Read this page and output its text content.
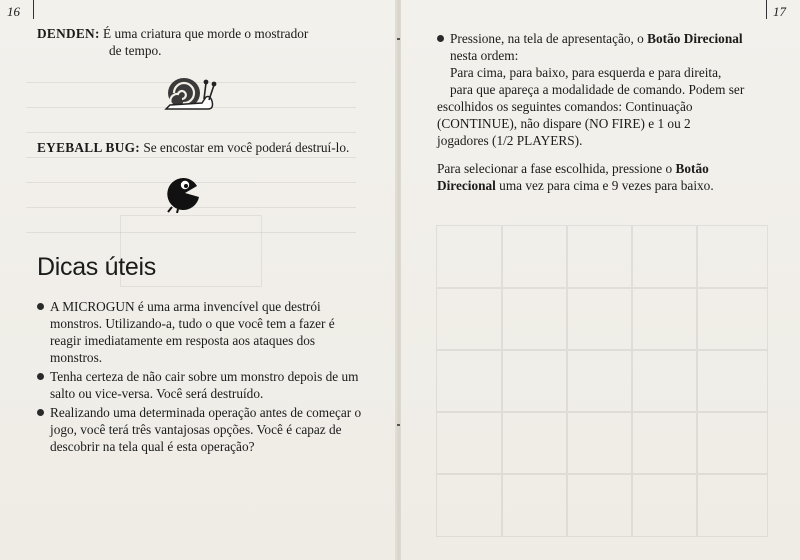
16
DENDEN: É uma criatura que morde o mostrador
de tempo.
EYEBALL BUG: Se encostar em você poderá destruí-lo.
Dicas úteis
A MICROGUN é uma arma invencível que destrói monstros. Utilizando-a, tudo o que você tem a fazer é reagir imediatamente em resposta aos ataques dos monstros.
Tenha certeza de não cair sobre um monstro depois de um salto ou vice-versa. Você será destruído.
Realizando uma determinada operação antes de começar o jogo, você terá três vantajosas opções. Você é capaz de descobrir na tela qual é esta operação?
17
Pressione, na tela de apresentação, o Botão Direcional
nesta ordem:
Para cima, para baixo, para esquerda e para direita,
para que apareça a modalidade de comando. Podem ser
escolhidos os seguintes comandos: Continuação
(CONTINUE), não dispare (NO FIRE) e 1 ou 2
jogadores (1/2 PLAYERS).
Para selecionar a fase escolhida, pressione o Botão
Direcional uma vez para cima e 9 vezes para baixo.
